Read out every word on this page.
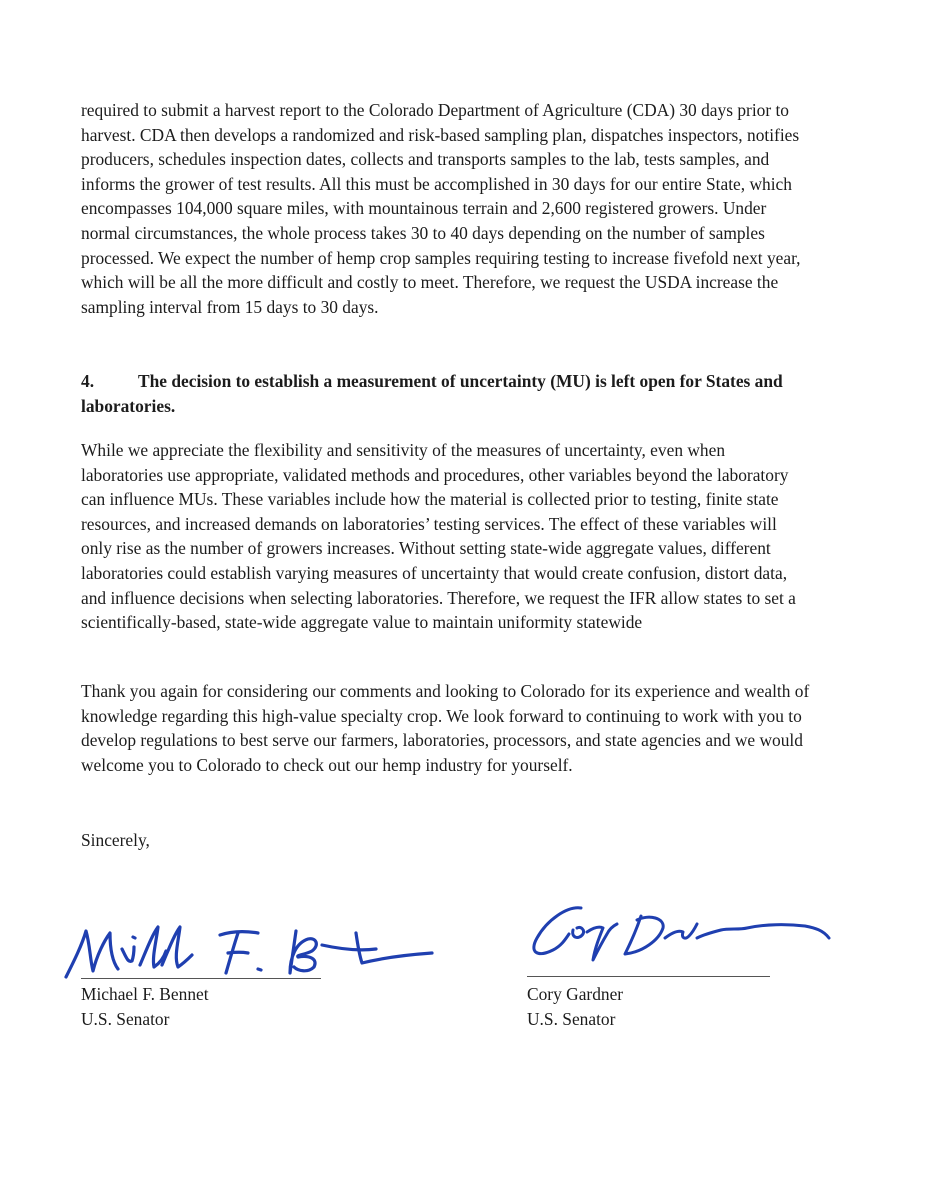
required to submit a harvest report to the Colorado Department of Agriculture (CDA) 30 days prior to harvest. CDA then develops a randomized and risk-based sampling plan, dispatches inspectors, notifies producers, schedules inspection dates, collects and transports samples to the lab, tests samples, and informs the grower of test results. All this must be accomplished in 30 days for our entire State, which encompasses 104,000 square miles, with mountainous terrain and 2,600 registered growers. Under normal circumstances, the whole process takes 30 to 40 days depending on the number of samples processed. We expect the number of hemp crop samples requiring testing to increase fivefold next year, which will be all the more difficult and costly to meet. Therefore, we request the USDA increase the sampling interval from 15 days to 30 days.

4.	The decision to establish a measurement of uncertainty (MU) is left open for States and laboratories.

While we appreciate the flexibility and sensitivity of the measures of uncertainty, even when laboratories use appropriate, validated methods and procedures, other variables beyond the laboratory can influence MUs. These variables include how the material is collected prior to testing, finite state resources, and increased demands on laboratories’ testing services. The effect of these variables will only rise as the number of growers increases. Without setting state-wide aggregate values, different laboratories could establish varying measures of uncertainty that would create confusion, distort data, and influence decisions when selecting laboratories. Therefore, we request the IFR allow states to set a scientifically-based, state-wide aggregate value to maintain uniformity statewide

Thank you again for considering our comments and looking to Colorado for its experience and wealth of knowledge regarding this high-value specialty crop. We look forward to continuing to work with you to develop regulations to best serve our farmers, laboratories, processors, and state agencies and we would welcome you to Colorado to check out our hemp industry for yourself.

Sincerely,

Michael F. Bennet
U.S. Senator
Cory Gardner
U.S. Senator
